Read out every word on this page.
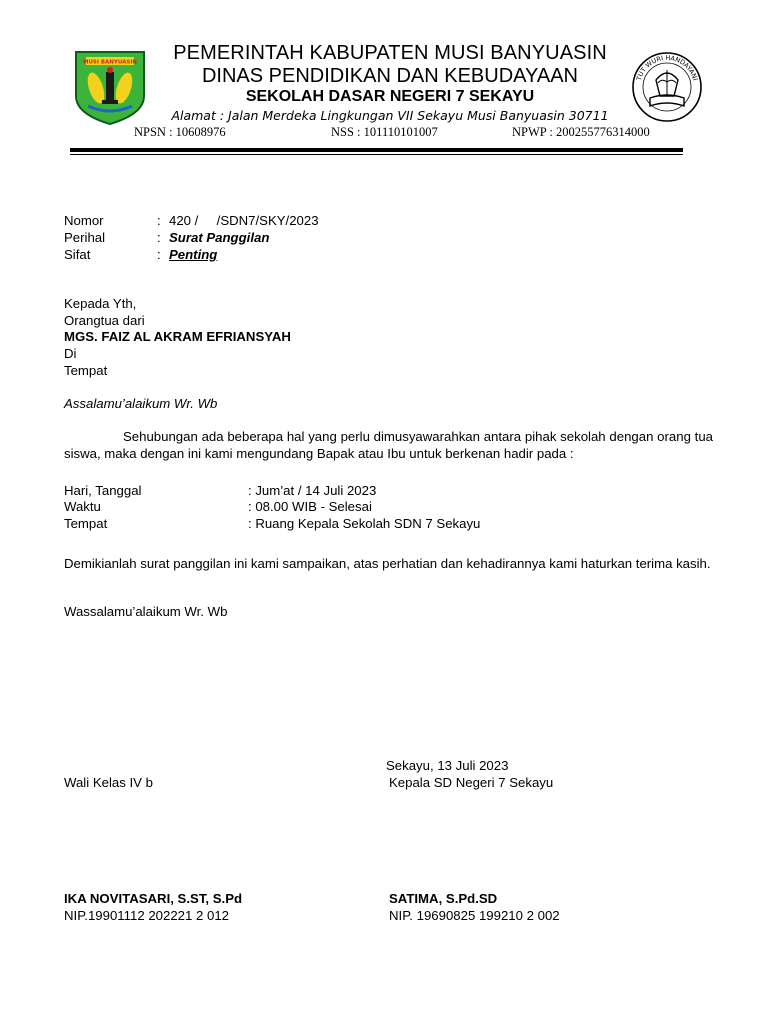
MUSI BANYUASIN
TUT WURI HANDAYANI
PEMERINTAH KABUPATEN MUSI BANYUASIN
DINAS PENDIDIKAN DAN KEBUDAYAAN
SEKOLAH DASAR NEGERI 7 SEKAYU
Alamat : Jalan Merdeka Lingkungan VII Sekayu Musi Banyuasin 30711
NPSN : 10608976	NSS : 101110101007	NPWP : 200255776314000
Nomor	: 420 /     /SDN7/SKY/2023
Perihal	: Surat Panggilan
Sifat	: Penting
Kepada Yth,
Orangtua dari
MGS. FAIZ AL AKRAM EFRIANSYAH
Di
Tempat
Assalamu’alaikum Wr. Wb
Sehubungan ada beberapa hal yang perlu dimusyawarahkan antara pihak sekolah dengan orang tua siswa, maka dengan ini kami mengundang Bapak atau Ibu untuk berkenan hadir pada :
Hari, Tanggal	: Jum’at / 14 Juli 2023
Waktu	: 08.00 WIB - Selesai
Tempat	: Ruang Kepala Sekolah SDN 7 Sekayu
Demikianlah surat panggilan ini kami sampaikan, atas perhatian dan kehadirannya kami haturkan terima kasih.
Wassalamu’alaikum Wr. Wb
Sekayu, 13 Juli 2023
Wali Kelas IV b	Kepala SD Negeri 7 Sekayu
IKA NOVITASARI, S.ST, S.Pd
NIP.19901112 202221 2 012
SATIMA, S.Pd.SD
NIP. 19690825 199210 2 002
